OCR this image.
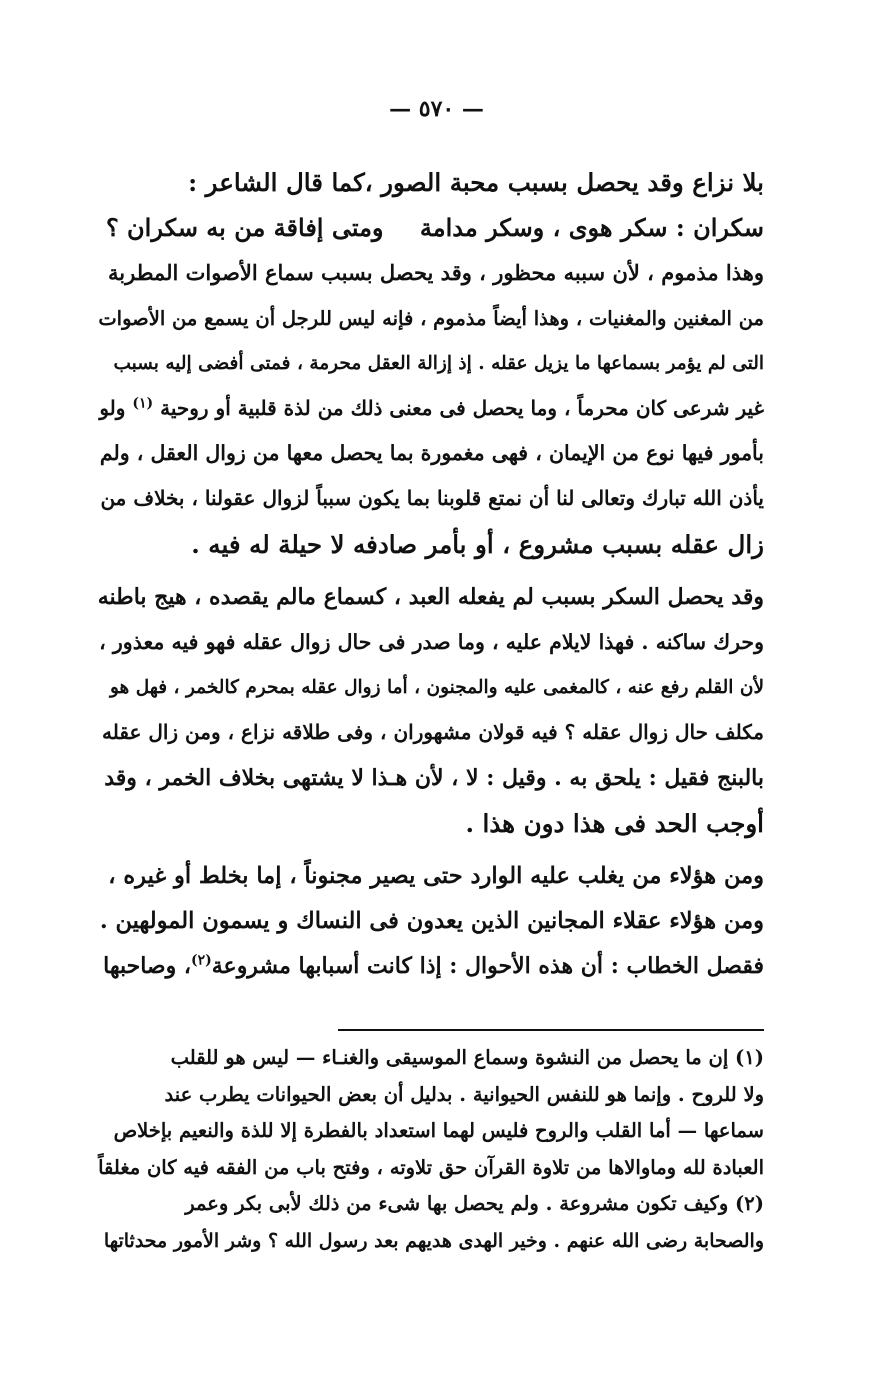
— ٥٧٠ —
بلا نزاع وقد يحصل بسبب محبة الصور ،كما قال الشاعر :
سكران : سكر هوى ، وسكر مدامة ومتى إفاقة من به سكران ؟
وهذا مذموم ، لأن سببه محظور ، وقد يحصل بسبب سماع الأصوات المطربة
من المغنين والمغنيات ، وهذا أيضاً مذموم ، فإنه ليس للرجل أن يسمع من الأصوات
التى لم يؤمر بسماعها ما يزيل عقله . إذ إزالة العقل محرمة ، فمتى أفضى إليه بسبب
غير شرعى كان محرماً ، وما يحصل فى معنى ذلك من لذة قلبية أو روحية $^{(١)}$ ولو
بأمور فيها نوع من الإيمان ، فهى مغمورة بما يحصل معها من زوال العقل ، ولم
يأذن الله تبارك وتعالى لنا أن نمتع قلوبنا بما يكون سبباً لزوال عقولنا ، بخلاف من
زال عقله بسبب مشروع ، أو بأمر صادفه لا حيلة له فيه .
وقد يحصل السكر بسبب لم يفعله العبد ، كسماع مالم يقصده ، هيج باطنه
وحرك ساكنه . فهذا لايلام عليه ، وما صدر فى حال زوال عقله فهو فيه معذور ،
لأن القلم رفع عنه ، كالمغمى عليه والمجنون ، أما زوال عقله بمحرم كالخمر ، فهل هو
مكلف حال زوال عقله ؟ فيه قولان مشهوران ، وفى طلاقه نزاع ، ومن زال عقله
بالبنج فقيل : يلحق به . وقيل : لا ، لأن هـذا لا يشتهى بخلاف الخمر ، وقد
أوجب الحد فى هذا دون هذا .
ومن هؤلاء من يغلب عليه الوارد حتى يصير مجنوناً ، إما بخلط أو غيره ،
ومن هؤلاء عقلاء المجانين الذين يعدون فى النساك و يسمون المولهين .
فقصل الخطاب : أن هذه الأحوال : إذا كانت أسبابها مشروعة$^{(٢)}$، وصاحبها
(١) إن ما يحصل من النشوة وسماع الموسيقى والغنـاء — ليس هو للقلب
ولا للروح . وإنما هو للنفس الحيوانية . بدليل أن بعض الحيوانات يطرب عند
سماعها — أما القلب والروح فليس لهما استعداد بالفطرة إلا للذة والنعيم بإخلاص
العبادة لله وماوالاها من تلاوة القرآن حق تلاوته ، وفتح باب من الفقه فيه كان مغلقاً
(٢) وكيف تكون مشروعة . ولم يحصل بها شىء من ذلك لأبى بكر وعمر
والصحابة رضى الله عنهم . وخير الهدى هديهم بعد رسول الله ؟ وشر الأمور محدثاتها
